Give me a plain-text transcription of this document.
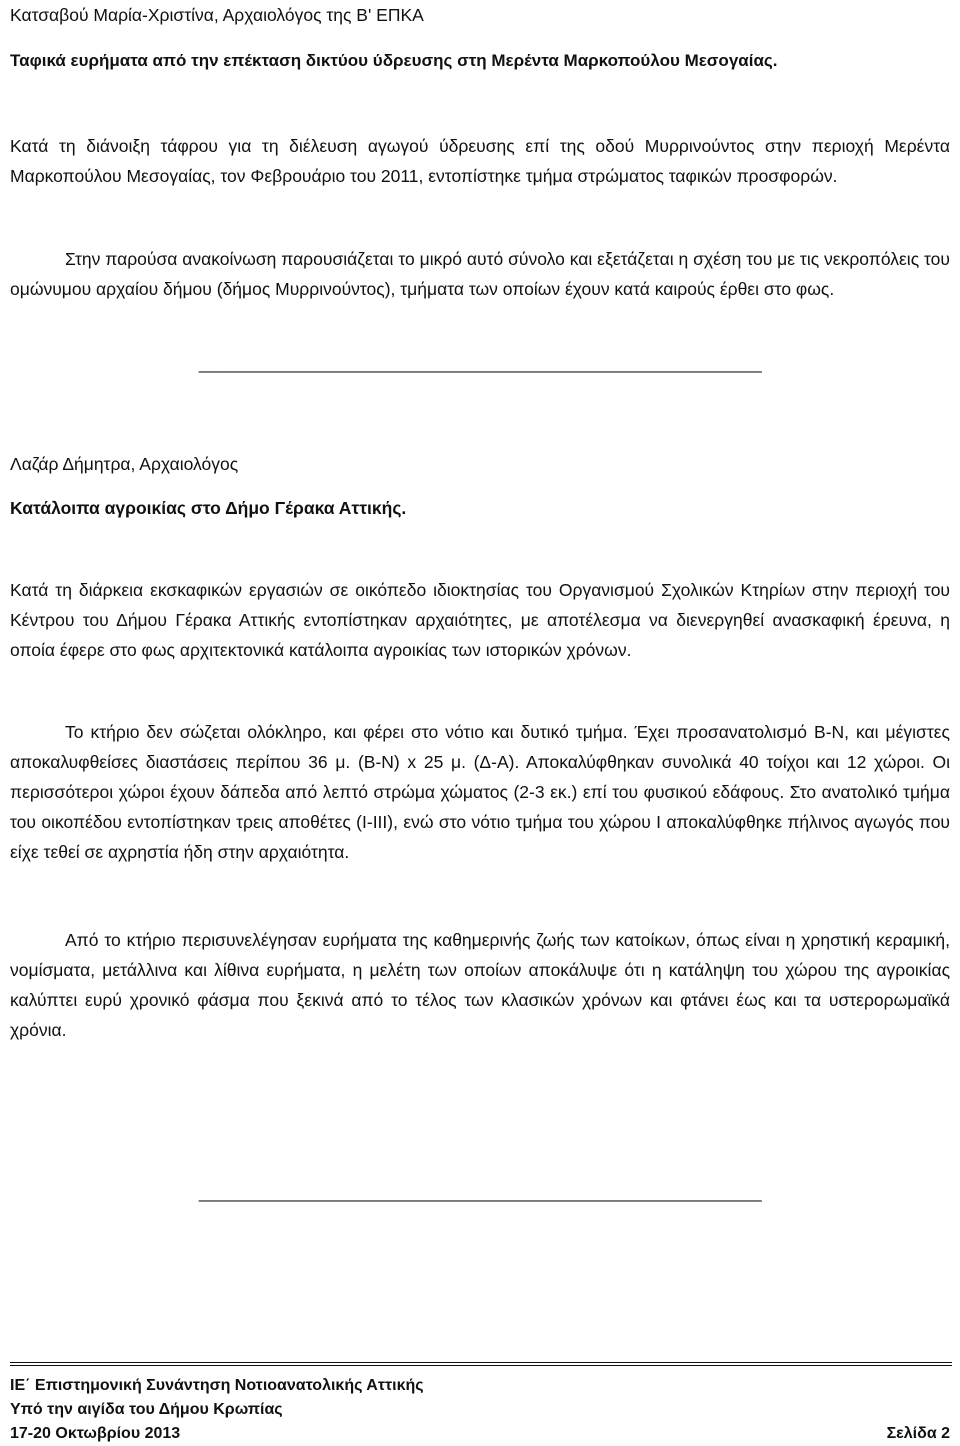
Κατσαβού Μαρία-Χριστίνα, Αρχαιολόγος της Β' ΕΠΚΑ

Ταφικά ευρήματα από την επέκταση δικτύου ύδρευσης στη Μερέντα Μαρκοπούλου Μεσογαίας.

Κατά τη διάνοιξη τάφρου για τη διέλευση αγωγού ύδρευσης επί της οδού Μυρρινούντος στην περιοχή Μερέντα Μαρκοπούλου Μεσογαίας, τον Φεβρουάριο του 2011, εντοπίστηκε τμήμα στρώματος ταφικών προσφορών.

Στην παρούσα ανακοίνωση παρουσιάζεται το μικρό αυτό σύνολο και εξετάζεται η σχέση του με τις νεκροπόλεις του ομώνυμου αρχαίου δήμου (δήμος Μυρρινούντος), τμήματα των οποίων έχουν κατά καιρούς έρθει στο φως.

–––––––––––––––––––––––––––––––––––––––––––––––––––––––––––––––––––

Λαζάρ Δήμητρα, Αρχαιολόγος

Κατάλοιπα αγροικίας στο Δήμο Γέρακα Αττικής.

Κατά τη διάρκεια εκσκαφικών εργασιών σε οικόπεδο ιδιοκτησίας του Οργανισμού Σχολικών Κτηρίων στην περιοχή του Κέντρου του Δήμου Γέρακα Αττικής εντοπίστηκαν αρχαιότητες, με αποτέλεσμα να διενεργηθεί ανασκαφική έρευνα, η οποία έφερε στο φως αρχιτεκτονικά κατάλοιπα αγροικίας των ιστορικών χρόνων.

Το κτήριο δεν σώζεται ολόκληρο, και φέρει στο νότιο και δυτικό τμήμα. Έχει προσανατολισμό Β-Ν, και μέγιστες αποκαλυφθείσες διαστάσεις περίπου 36 μ. (Β-Ν) x 25 μ. (Δ-Α). Αποκαλύφθηκαν συνολικά 40 τοίχοι και 12 χώροι. Οι περισσότεροι χώροι έχουν δάπεδα από λεπτό στρώμα χώματος (2-3 εκ.) επί του φυσικού εδάφους. Στο ανατολικό τμήμα του οικοπέδου εντοπίστηκαν τρεις αποθέτες (Ι-ΙΙΙ), ενώ στο νότιο τμήμα του χώρου Ι αποκαλύφθηκε πήλινος αγωγός που είχε τεθεί σε αχρηστία ήδη στην αρχαιότητα.

Από το κτήριο περισυνελέγησαν ευρήματα της καθημερινής ζωής των κατοίκων, όπως είναι η χρηστική κεραμική, νομίσματα, μετάλλινα και λίθινα ευρήματα, η μελέτη των οποίων αποκάλυψε ότι η κατάληψη του χώρου της αγροικίας καλύπτει ευρύ χρονικό φάσμα που ξεκινά από το τέλος των κλασικών χρόνων και φτάνει έως και τα υστερορωμαϊκά χρόνια.

–––––––––––––––––––––––––––––––––––––––––––––––––––––––––––––––––––
ΙΕ΄ Επιστημονική Συνάντηση Νοτιοανατολικής Αττικής
Υπό την αιγίδα του Δήμου Κρωπίας
17-20 Οκτωβρίου 2013	Σελίδα 2
